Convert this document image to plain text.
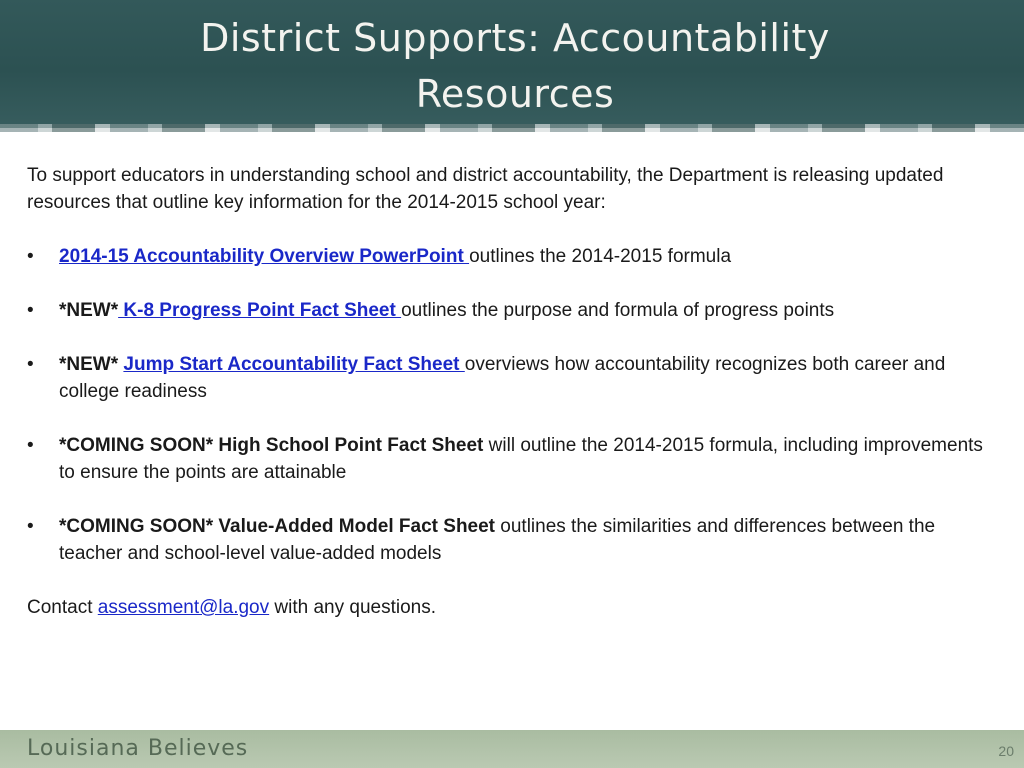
District Supports: Accountability
Resources

To support educators in understanding school and district accountability, the Department is releasing updated resources that outline key information for the 2014-2015 school year:

•	2014-15 Accountability Overview PowerPoint outlines the 2014-2015 formula
•	*NEW* K-8 Progress Point Fact Sheet outlines the purpose and formula of progress points
•	*NEW* Jump Start Accountability Fact Sheet overviews how accountability recognizes both career and college readiness
•	*COMING SOON* High School Point Fact Sheet will outline the 2014-2015 formula, including improvements to ensure the points are attainable
•	*COMING SOON* Value-Added Model Fact Sheet outlines the similarities and differences between the teacher and school-level value-added models

Contact assessment@la.gov with any questions.

Louisiana Believes	20
